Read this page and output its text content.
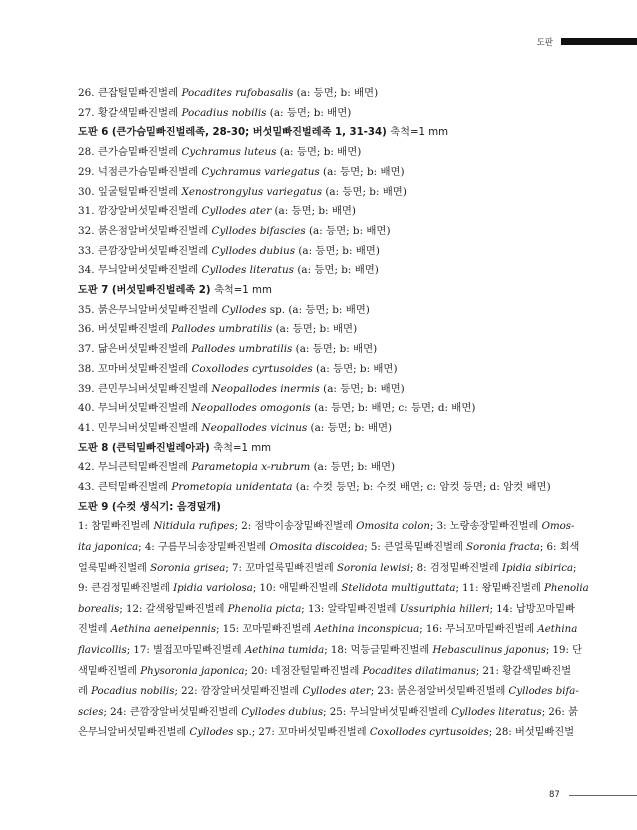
도판
26. 큰잡털밑빠진벌레 Pocadites rufobasalis (a: 등면; b: 배면)
27. 황갈색밑빠진벌레 Pocadius nobilis (a: 등면; b: 배면)
도판 6 (큰가슴밑빠진벌레족, 28-30; 버섯밑빠진벌레족 1, 31-34) 축척=1 mm
28. 큰가슴밑빠진벌레 Cychramus luteus (a: 등면; b: 배면)
29. 넉점큰가슴밑빠진벌레 Cychramus variegatus (a: 등면; b: 배면)
30. 잎굴털밑빠진벌레 Xenostrongylus variegatus (a: 등면; b: 배면)
31. 깜장알버섯밑빠진벌레 Cyllodes ater (a: 등면; b: 배면)
32. 붉은점알버섯밑빠진벌레 Cyllodes bifascies (a: 등면; b: 배면)
33. 큰깜장알버섯밑빠진벌레 Cyllodes dubius (a: 등면; b: 배면)
34. 무늬알버섯밑빠진벌레 Cyllodes literatus (a: 등면; b: 배면)
도판 7 (버섯밑빠진벌레족 2) 축척=1 mm
35. 붉은무늬알버섯밑빠진벌레 Cyllodes sp. (a: 등면; b: 배면)
36. 버섯밑빠진벌레 Pallodes umbratilis (a: 등면; b: 배면)
37. 닮은버섯밑빠진벌레 Pallodes umbratilis (a: 등면; b: 배면)
38. 꼬마버섯밑빠진벌레 Coxollodes cyrtusoides (a: 등면; b: 배면)
39. 큰민무늬버섯밑빠진벌레 Neopallodes inermis (a: 등면; b: 배면)
40. 무늬버섯밑빠진벌레 Neopallodes omogonis (a: 등면; b: 배면; c: 등면; d: 배면)
41. 민무늬버섯밑빠진벌레 Neopallodes vicinus (a: 등면; b: 배면)
도판 8 (큰턱밑빠진벌레아과) 축척=1 mm
42. 무늬큰턱밑빠진벌레 Parametopia x-rubrum (a: 등면; b: 배면)
43. 큰턱밑빠진벌레 Prometopia unidentata (a: 수컷 등면; b: 수컷 배면; c: 암컷 등면; d: 암컷 배면)
도판 9 (수컷 생식기: 음경덮개)
1: 참밑빠진벌레 Nitidula rufipes; 2: 점박이송장밑빠진벌레 Omosita colon; 3: 노랑송장밑빠진벌레 Omos-
ita japonica; 4: 구름무늬송장밑빠진벌레 Omosita discoidea; 5: 큰얼룩밑빠진벌레 Soronia fracta; 6: 회색
얼룩밑빠진벌레 Soronia grisea; 7: 꼬마얼룩밑빠진벌레 Soronia lewisi; 8: 검정밑빠진벌레 Ipidia sibirica;
9: 큰검정밑빠진벌레 Ipidia variolosa; 10: 애밑빠진벌레 Stelidota multiguttata; 11: 왕밑빠진벌레 Phenolia
borealis; 12: 갈색왕밑빠진벌레 Phenolia picta; 13: 알락밑빠진벌레 Ussuriphia hilleri; 14: 납방꼬마밑빠
진벌레 Aethina aeneipennis; 15: 꼬마밑빠진벌레 Aethina inconspicua; 16: 무늬꼬마밑빠진벌레 Aethina
flavicollis; 17: 별접꼬마밑빠진벌레 Aethina tumida; 18: 먹등글밑빠진벌레 Hebasculinus japonus; 19: 단
색밑빠진벌레 Physoronia japonica; 20: 네점잔털밑빠진벌레 Pocadites dilatimanus; 21: 황갈색밑빠진벌
레 Pocadius nobilis; 22: 깜장알버섯밑빠진벌레 Cyllodes ater; 23: 붉은점알버섯밑빠진벌레 Cyllodes bifa-
scies; 24: 큰깜장알버섯밑빠진벌레 Cyllodes dubius; 25: 무늬알버섯밑빠진벌레 Cyllodes literatus; 26: 붉
은무늬알버섯밑빠진벌레 Cyllodes sp.; 27: 꼬마버섯밑빠진벌레 Coxollodes cyrtusoides; 28: 버섯밑빠진벌
87
